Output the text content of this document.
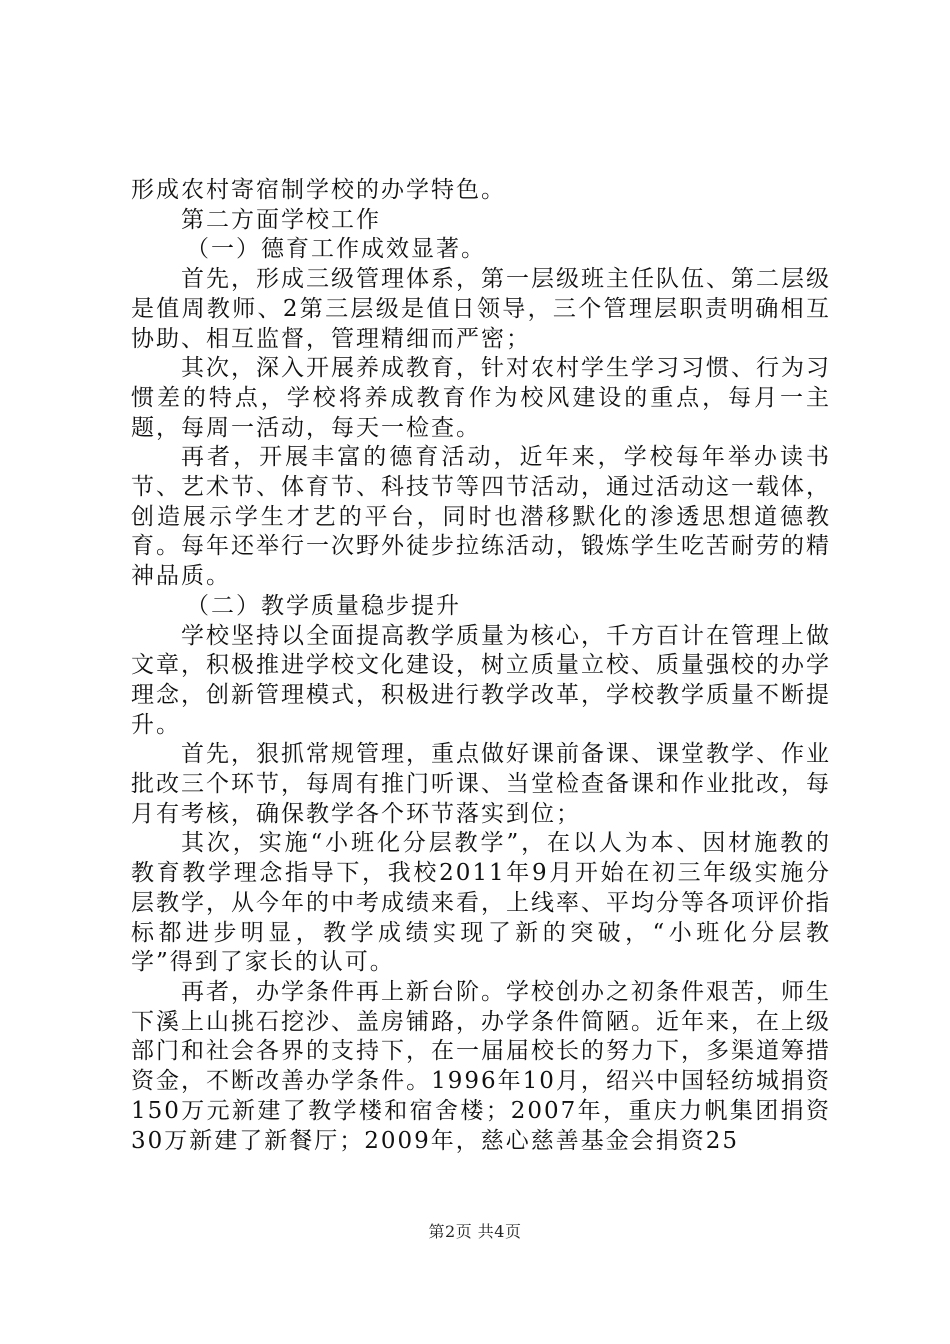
形成农村寄宿制学校的办学特色。

第二方面学校工作

（一）德育工作成效显著。

首先，形成三级管理体系，第一层级班主任队伍、第二层级是值周教师、2第三层级是值日领导，三个管理层职责明确相互协助、相互监督，管理精细而严密；

其次，深入开展养成教育，针对农村学生学习习惯、行为习惯差的特点，学校将养成教育作为校风建设的重点，每月一主题，每周一活动，每天一检查。

再者，开展丰富的德育活动，近年来，学校每年举办读书节、艺术节、体育节、科技节等四节活动，通过活动这一载体，创造展示学生才艺的平台，同时也潜移默化的渗透思想道德教育。每年还举行一次野外徒步拉练活动，锻炼学生吃苦耐劳的精神品质。

（二）教学质量稳步提升

学校坚持以全面提高教学质量为核心，千方百计在管理上做文章，积极推进学校文化建设，树立质量立校、质量强校的办学理念，创新管理模式，积极进行教学改革，学校教学质量不断提升。

首先，狠抓常规管理，重点做好课前备课、课堂教学、作业批改三个环节，每周有推门听课、当堂检查备课和作业批改，每月有考核，确保教学各个环节落实到位；

其次，实施“小班化分层教学”，在以人为本、因材施教的教育教学理念指导下，我校2011年9月开始在初三年级实施分层教学，从今年的中考成绩来看，上线率、平均分等各项评价指标都进步明显，教学成绩实现了新的突破，“小班化分层教学”得到了家长的认可。

再者，办学条件再上新台阶。学校创办之初条件艰苦，师生下溪上山挑石挖沙、盖房铺路，办学条件简陋。近年来，在上级部门和社会各界的支持下，在一届届校长的努力下，多渠道筹措资金，不断改善办学条件。1996年10月，绍兴中国轻纺城捐资150万元新建了教学楼和宿舍楼；2007年，重庆力帆集团捐资30万新建了新餐厅；2009年，慈心慈善基金会捐资25

第2页 共4页
